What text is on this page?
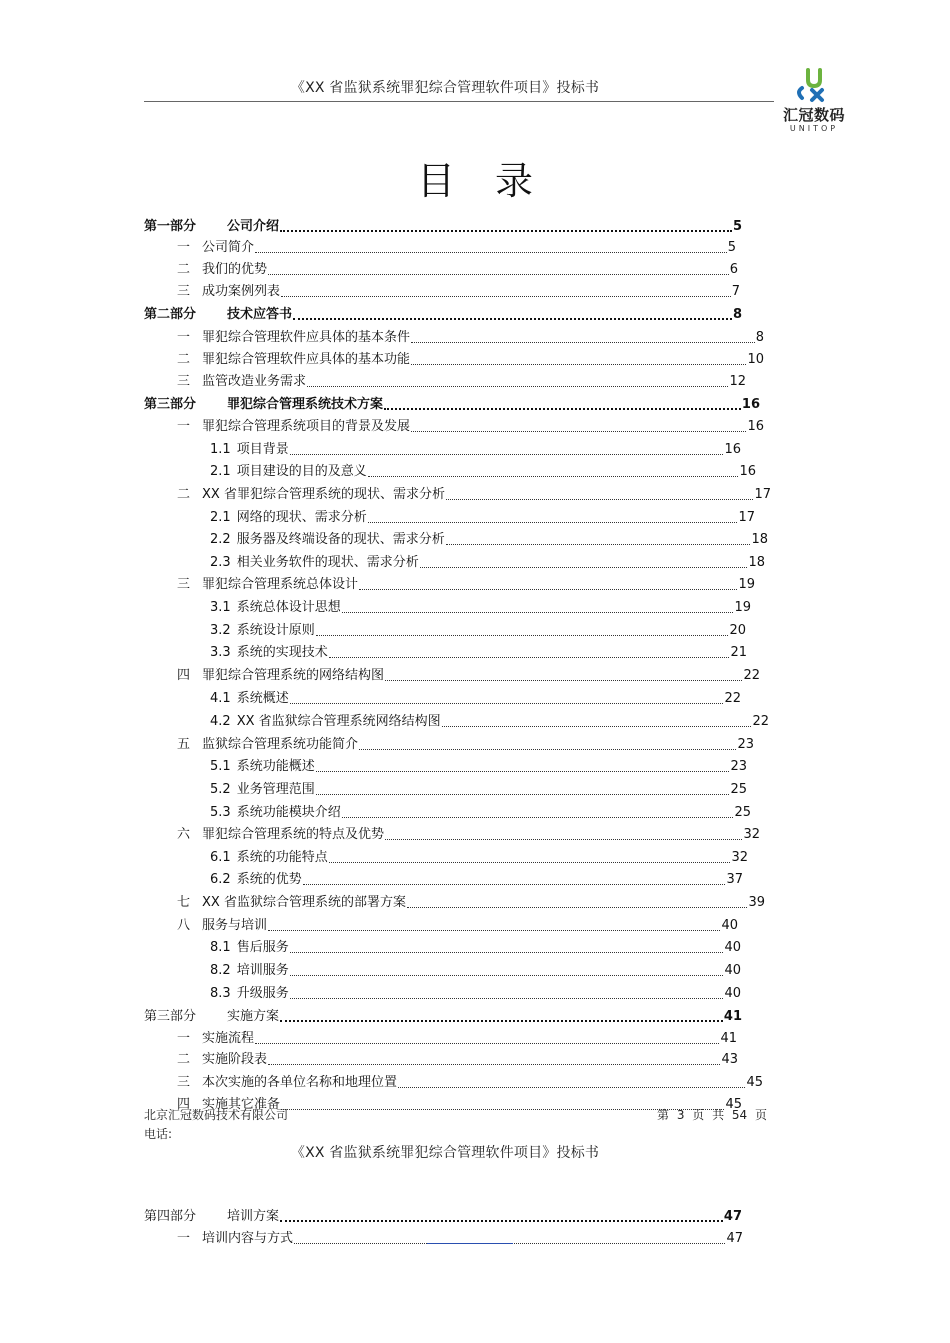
《XX 省监狱系统罪犯综合管理软件项目》投标书
汇冠数码
UNITOP
目录
第一部分	公司介绍	5
一 公司简介	5
二 我们的优势	6
三 成功案例列表	7
第二部分	技术应答书	8
一 罪犯综合管理软件应具体的基本条件	8
二 罪犯综合管理软件应具体的基本功能	10
三 监管改造业务需求	12
第三部分	罪犯综合管理系统技术方案	16
一 罪犯综合管理系统项目的背景及发展	16
1.1 项目背景	16
2.1 项目建设的目的及意义	16
二 XX 省罪犯综合管理系统的现状、需求分析	17
2.1 网络的现状、需求分析	17
2.2 服务器及终端设备的现状、需求分析	18
2.3 相关业务软件的现状、需求分析	18
三 罪犯综合管理系统总体设计	19
3.1 系统总体设计思想	19
3.2 系统设计原则	20
3.3 系统的实现技术	21
四 罪犯综合管理系统的网络结构图	22
4.1 系统概述	22
4.2 XX 省监狱综合管理系统网络结构图	22
五 监狱综合管理系统功能简介	23
5.1 系统功能概述	23
5.2 业务管理范围	25
5.3 系统功能模块介绍	25
六 罪犯综合管理系统的特点及优势	32
6.1 系统的功能特点	32
6.2 系统的优势	37
七 XX 省监狱综合管理系统的部署方案	39
八 服务与培训	40
8.1 售后服务	40
8.2 培训服务	40
8.3 升级服务	40
第三部分	实施方案	41
一 实施流程	41
二 实施阶段表	43
三 本次实施的各单位名称和地理位置	45
四 实施其它准备	45
北京汇冠数码技术有限公司	第 3 页 共 54 页
电话:
《XX 省监狱系统罪犯综合管理软件项目》投标书
第四部分	培训方案	47
一 培训内容与方式	47
